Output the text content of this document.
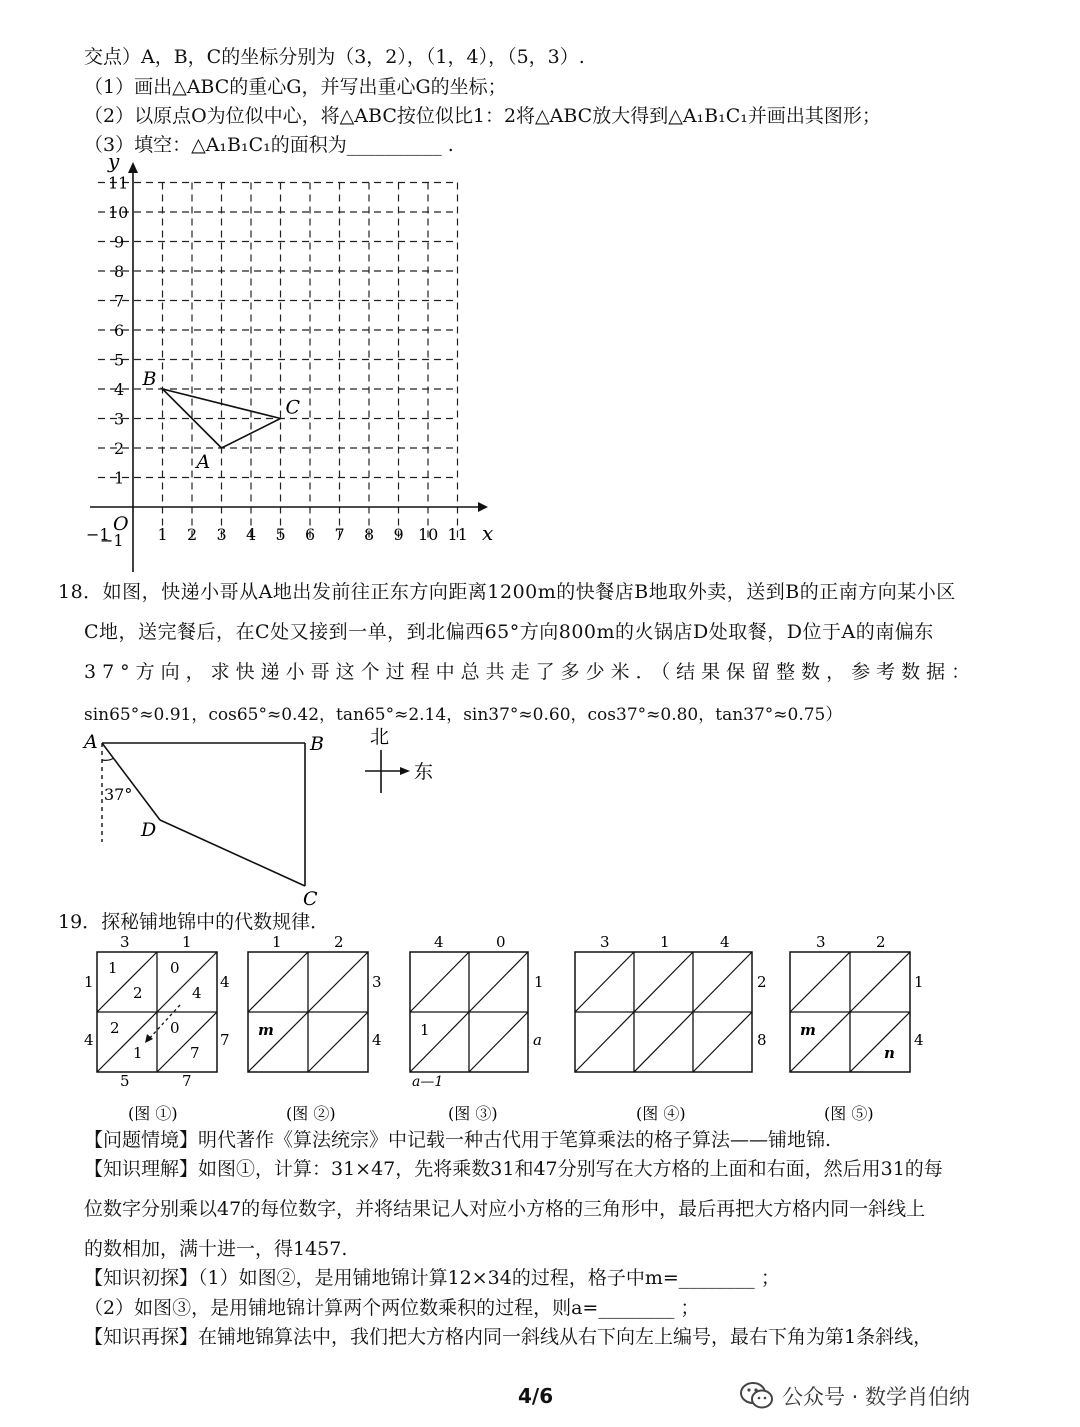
交点）A，B，C的坐标分别为（3，2），（1，4），（5，3）.
（1）画出△ABC的重心G，并写出重心G的坐标；
（2）以原点O为位似中心，将△ABC按位似比1：2将△ABC放大得到△A₁B₁C₁并画出其图形；
（3）填空：△A₁B₁C₁的面积为__________ .
y
x
O
−1
−1 1 2 3 4 5 6 7 8 9 10 11
1
2
3
4
5
6
7
8
9
10
11
A
B
C
18．如图，快递小哥从A地出发前往正东方向距离1200m的快餐店B地取外卖，送到B的正南方向某小区
C地，送完餐后，在C处又接到一单，到北偏西65°方向800m的火锅店D处取餐，D位于A的南偏东
37°方向，求快递小哥这个过程中总共走了多少米．（结果保留整数，参考数据：
sin65°≈0.91，cos65°≈0.42，tan65°≈2.14，sin37°≈0.60，cos37°≈0.80，tan37°≈0.75）
A	B
C
D
37°
北
东
19．探秘铺地锦中的代数规律．
3	1
4
7
1
4
5	7
1
2
0
4
2
1
0
7
(图 ①)
1	2
3
4
m
(图 ②)
4	0
1
a
1
a—1
(图 ③)
3	1	4
2
8
(图 ④)
3	2
1
4
m
n
(图 ⑤)
【问题情境】明代著作《算法统宗》中记载一种古代用于笔算乘法的格子算法——铺地锦.
【知识理解】如图①，计算：31×47，先将乘数31和47分别写在大方格的上面和右面，然后用31的每
位数字分别乘以47的每位数字，并将结果记人对应小方格的三角形中，最后再把大方格内同一斜线上
的数相加，满十进一，得1457.
【知识初探】（1）如图②，是用铺地锦计算12×34的过程，格子中m=________ ；
（2）如图③，是用铺地锦计算两个两位数乘积的过程，则a=________ ；
【知识再探】在铺地锦算法中，我们把大方格内同一斜线从右下向左上编号，最右下角为第1条斜线，
4/6	公众号 · 数学肖伯纳
